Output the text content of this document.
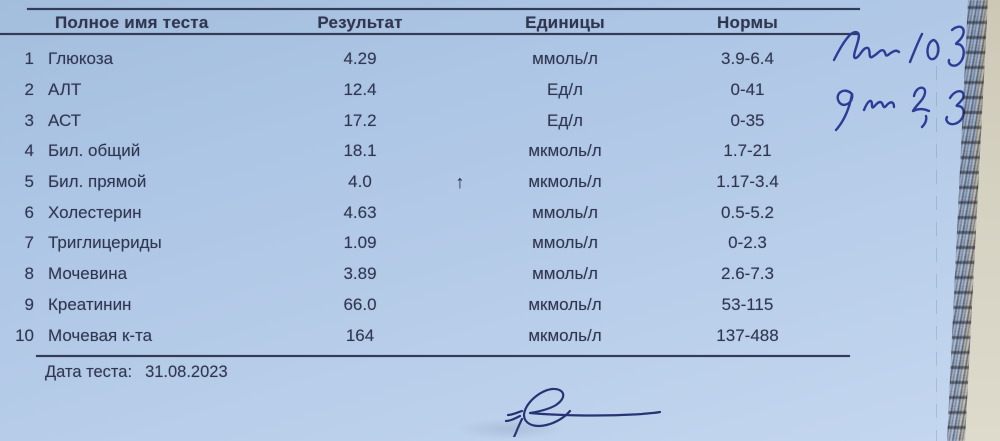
Полное имя теста	Результат	Единицы	Нормы
1 Глюкоза	4.29	ммоль/л	3.9-6.4
2 АЛТ	12.4	Ед/л	0-41
3 АСТ	17.2	Ед/л	0-35
4 Бил. общий	18.1	мкмоль/л	1.7-21
5 Бил. прямой	4.0	↑	мкмоль/л	1.17-3.4
6 Холестерин	4.63	ммоль/л	0.5-5.2
7 Триглицериды	1.09	ммоль/л	0-2.3
8 Мочевина	3.89	ммоль/л	2.6-7.3
9 Креатинин	66.0	мкмоль/л	53-115
10 Мочевая к-та	164	мкмоль/л	137-488
Дата теста: 31.08.2023
